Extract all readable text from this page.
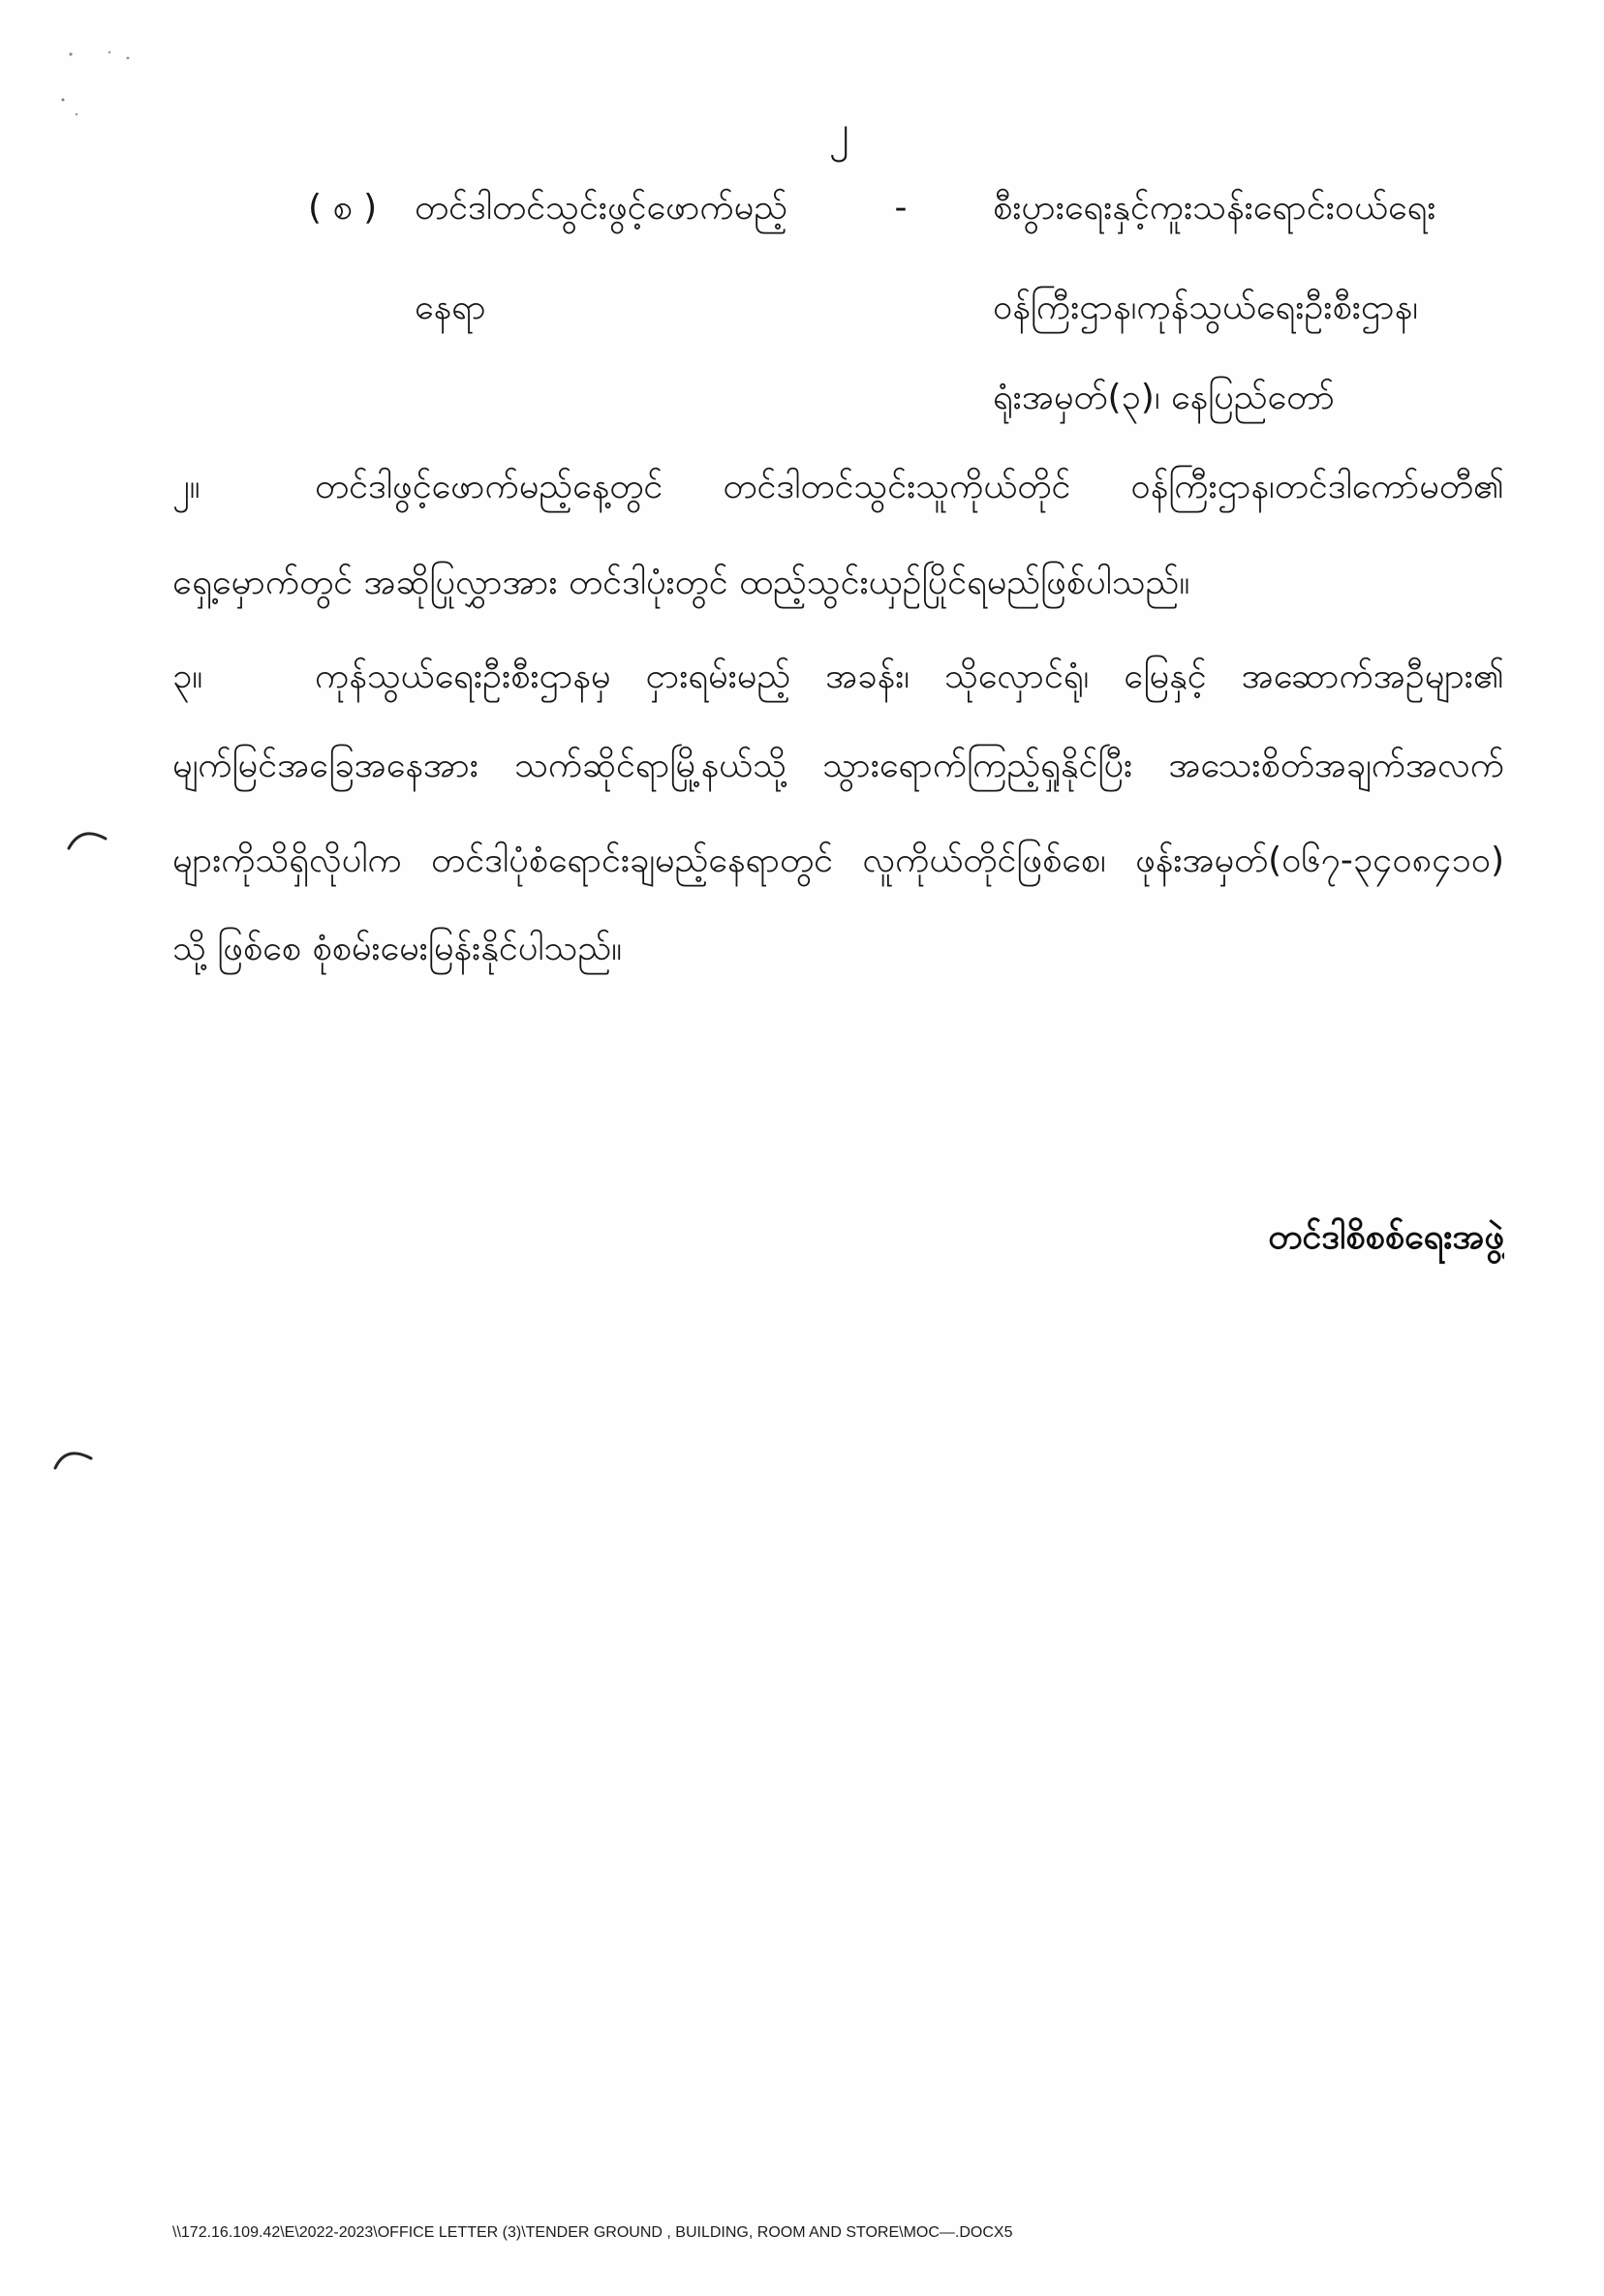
၂
( စ )	တင်ဒါတင်သွင်းဖွင့်ဖောက်မည့်
နေရာ
-	စီးပွားရေးနှင့်ကူးသန်းရောင်းဝယ်ရေး
ဝန်ကြီးဌာန၊ကုန်သွယ်ရေးဦးစီးဌာန၊
ရုံးအမှတ်(၃)၊ နေပြည်တော်
၂။	တင်ဒါဖွင့်ဖောက်မည့်နေ့တွင် တင်ဒါတင်သွင်းသူကိုယ်တိုင် ဝန်ကြီးဌာန၊တင်ဒါကော်မတီ၏
ရှေ့မှောက်တွင် အဆိုပြုလွှာအား တင်ဒါပုံးတွင် ထည့်သွင်းယှဉ်ပြိုင်ရမည်ဖြစ်ပါသည်။
၃။	ကုန်သွယ်ရေးဦးစီးဌာနမှ ငှားရမ်းမည့် အခန်း၊ သိုလှောင်ရုံ၊ မြေနှင့် အဆောက်အဦများ၏
မျက်မြင်အခြေအနေအား သက်ဆိုင်ရာမြို့နယ်သို့ သွားရောက်ကြည့်ရှုနိုင်ပြီး အသေးစိတ်အချက်အလက်
များကိုသိရှိလိုပါက တင်ဒါပုံစံရောင်းချမည့်နေရာတွင် လူကိုယ်တိုင်ဖြစ်စေ၊ ဖုန်းအမှတ်(၀၆၇-၃၄၀၈၄၁၀)
သို့ ဖြစ်စေ စုံစမ်းမေးမြန်းနိုင်ပါသည်။
တင်ဒါစိစစ်ရေးအဖွဲ့
\\172.16.109.42\E\2022-2023\OFFICE LETTER (3)\TENDER GROUND , BUILDING, ROOM AND STORE\MOC—.DOCX5
